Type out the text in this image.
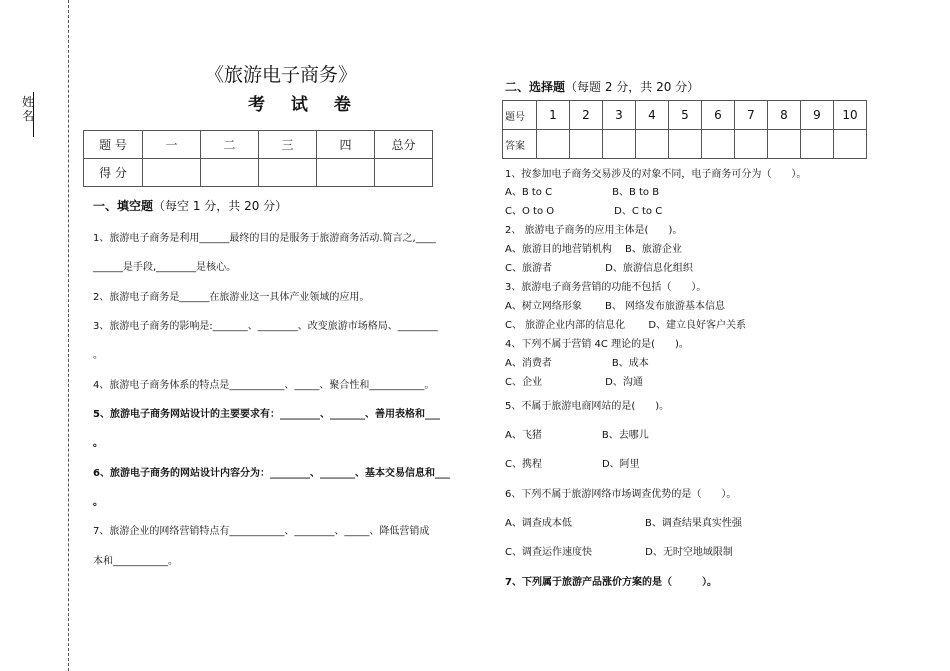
姓
名
《旅游电子商务》
考 试 卷
题 号	一	二	三	四	总分
得 分					
一、填空题（每空 1 分，共 20 分）
1、旅游电子商务是利用______最终的目的是服务于旅游商务活动.简言之,____
______是手段,________是核心。
2、旅游电子商务是______在旅游业这一具体产业领域的应用。
3、旅游电子商务的影响是:_______、________、改变旅游市场格局、________
。
4、旅游电子商务体系的特点是___________、_____、聚合性和___________。
5、旅游电子商务网站设计的主要要求有：________、_______、善用表格和___
。
6、旅游电子商务的网站设计内容分为：________、_______、基本交易信息和___
。
7、旅游企业的网络营销特点有___________、________、_____、降低营销成
本和___________。
二、选择题（每题 2 分，共 20 分）
题号	1	2	3	4	5	6	7	8	9	10
答案										
1、按参加电子商务交易涉及的对象不同，电子商务可分为（　　）。
A、B to C　　　　　　B、B to B
C、O to O　　　　　　D、C to C
2、 旅游电子商务的应用主体是(　　)。
A、旅游目的地营销机构　 B、旅游企业
C、旅游者　　　　　 D、旅游信息化组织
3、旅游电子商务营销的功能不包括（　　）。
A、树立网络形象　　 B、 网络发布旅游基本信息
C、 旅游企业内部的信息化　　 D、建立良好客户关系
4、下列不属于营销 4C 理论的是(　　)。
A、消费者　　　　　　B、成本
C、企业　　　　　　 D、沟通
5、不属于旅游电商网站的是(　　)。
A、飞猪　　　　　　B、去哪儿
C、携程　　　　　　D、阿里
6、下列不属于旅游网络市场调查优势的是（　　）。
A、调查成本低　　　　　　　 B、调查结果真实性强
C、调查运作速度快　　　　　 D、无时空地域限制
7、下列属于旅游产品涨价方案的是（　　　）。
